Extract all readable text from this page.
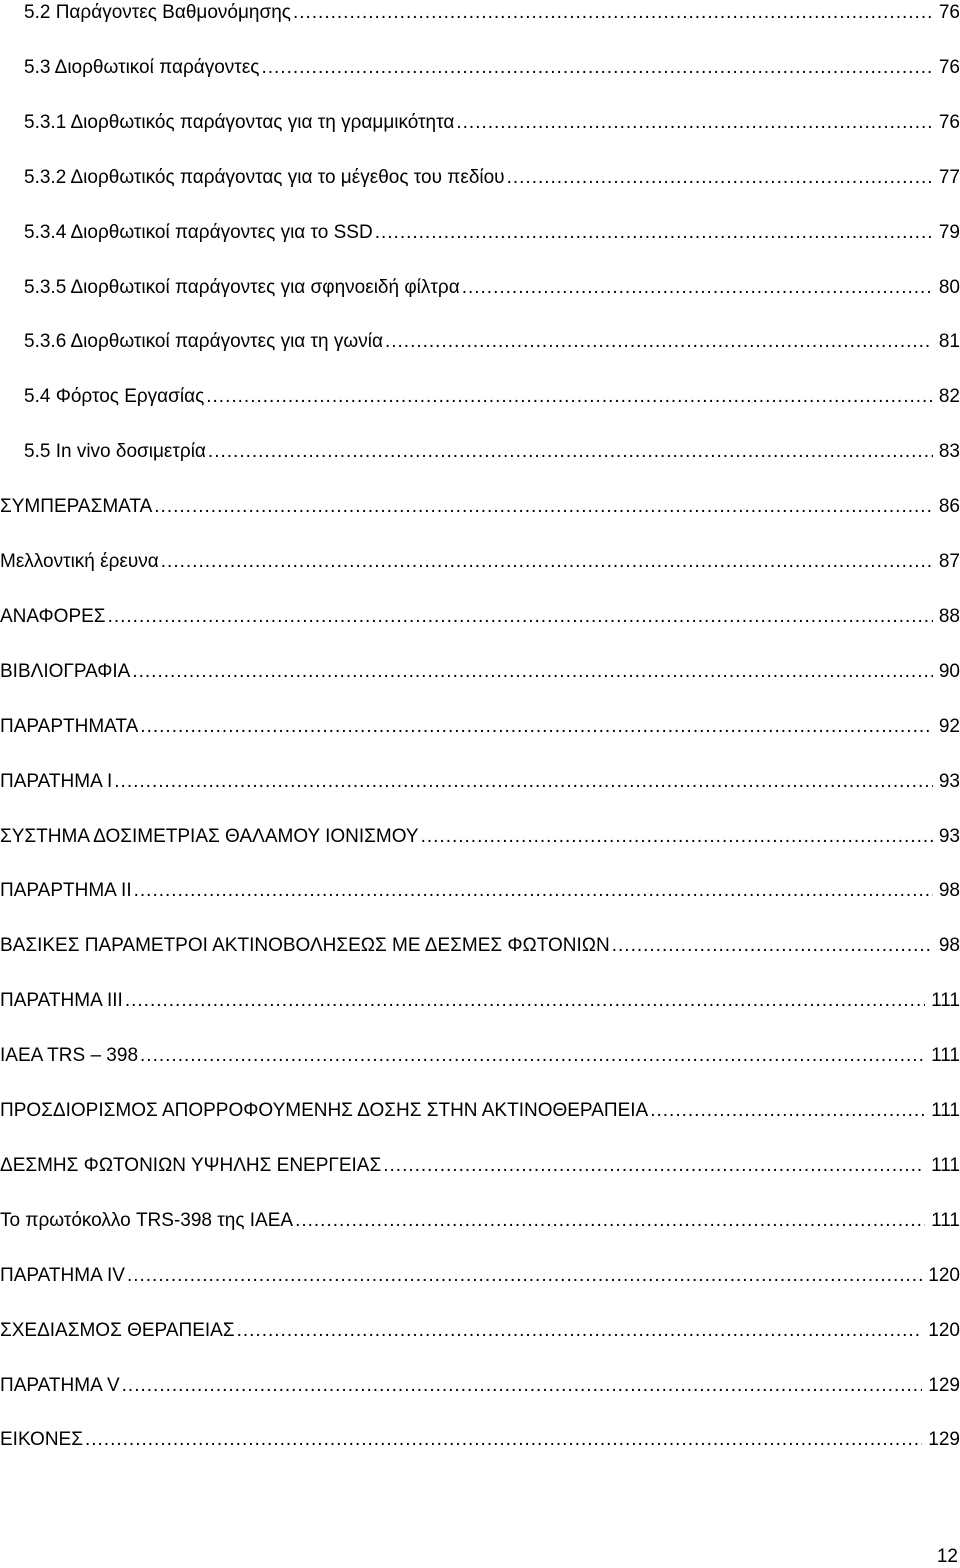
5.2 Παράγοντες Βαθμονόμησης .....	76
5.3 Διορθωτικοί παράγοντες .....	76
5.3.1 Διορθωτικός παράγοντας για τη γραμμικότητα .....	76
5.3.2 Διορθωτικός παράγοντας για το μέγεθος του πεδίου .....	77
5.3.4 Διορθωτικοί παράγοντες για το SSD .....	79
5.3.5 Διορθωτικοί παράγοντες για σφηνοειδή φίλτρα .....	80
5.3.6 Διορθωτικοί παράγοντες για τη γωνία .....	81
5.4 Φόρτος Εργασίας .....	82
5.5 In vivo δοσιμετρία .....	83
ΣΥΜΠΕΡΑΣΜΑΤΑ .....	86
Μελλοντική έρευνα .....	87
ΑΝΑΦΟΡΕΣ .....	88
ΒΙΒΛΙΟΓΡΑΦΙΑ .....	90
ΠΑΡΑΡΤΗΜΑΤΑ .....	92
ΠΑΡΑΤΗΜΑ Ι .....	93
ΣΥΣΤΗΜΑ ΔΟΣΙΜΕΤΡΙΑΣ ΘΑΛΑΜΟΥ ΙΟΝΙΣΜΟΥ .....	93
ΠΑΡΑΡΤΗΜΑ ΙΙ .....	98
ΒΑΣΙΚΕΣ ΠΑΡΑΜΕΤΡΟΙ ΑΚΤΙΝΟΒΟΛΗΣΕΩΣ ΜΕ ΔΕΣΜΕΣ ΦΩΤΟΝΙΩΝ .....	98
ΠΑΡΑΤΗΜΑ ΙΙΙ .....	111
IAEA TRS – 398 .....	111
ΠΡΟΣΔΙΟΡΙΣΜΟΣ ΑΠΟΡΡΟΦΟΥΜΕΝΗΣ ΔΟΣΗΣ ΣΤΗΝ ΑΚΤΙΝΟΘΕΡΑΠΕΙΑ .....	111
ΔΕΣΜΗΣ ΦΩΤΟΝΙΩΝ ΥΨΗΛΗΣ ΕΝΕΡΓΕΙΑΣ .....	111
Το πρωτόκολλο TRS-398 της ΙΑΕΑ .....	111
ΠΑΡΑΤΗΜΑ ΙV .....	120
ΣΧΕΔΙΑΣΜΟΣ ΘΕΡΑΠΕΙΑΣ .....	120
ΠΑΡΑΤΗΜΑ V .....	129
ΕΙΚΟΝΕΣ .....	129
12
